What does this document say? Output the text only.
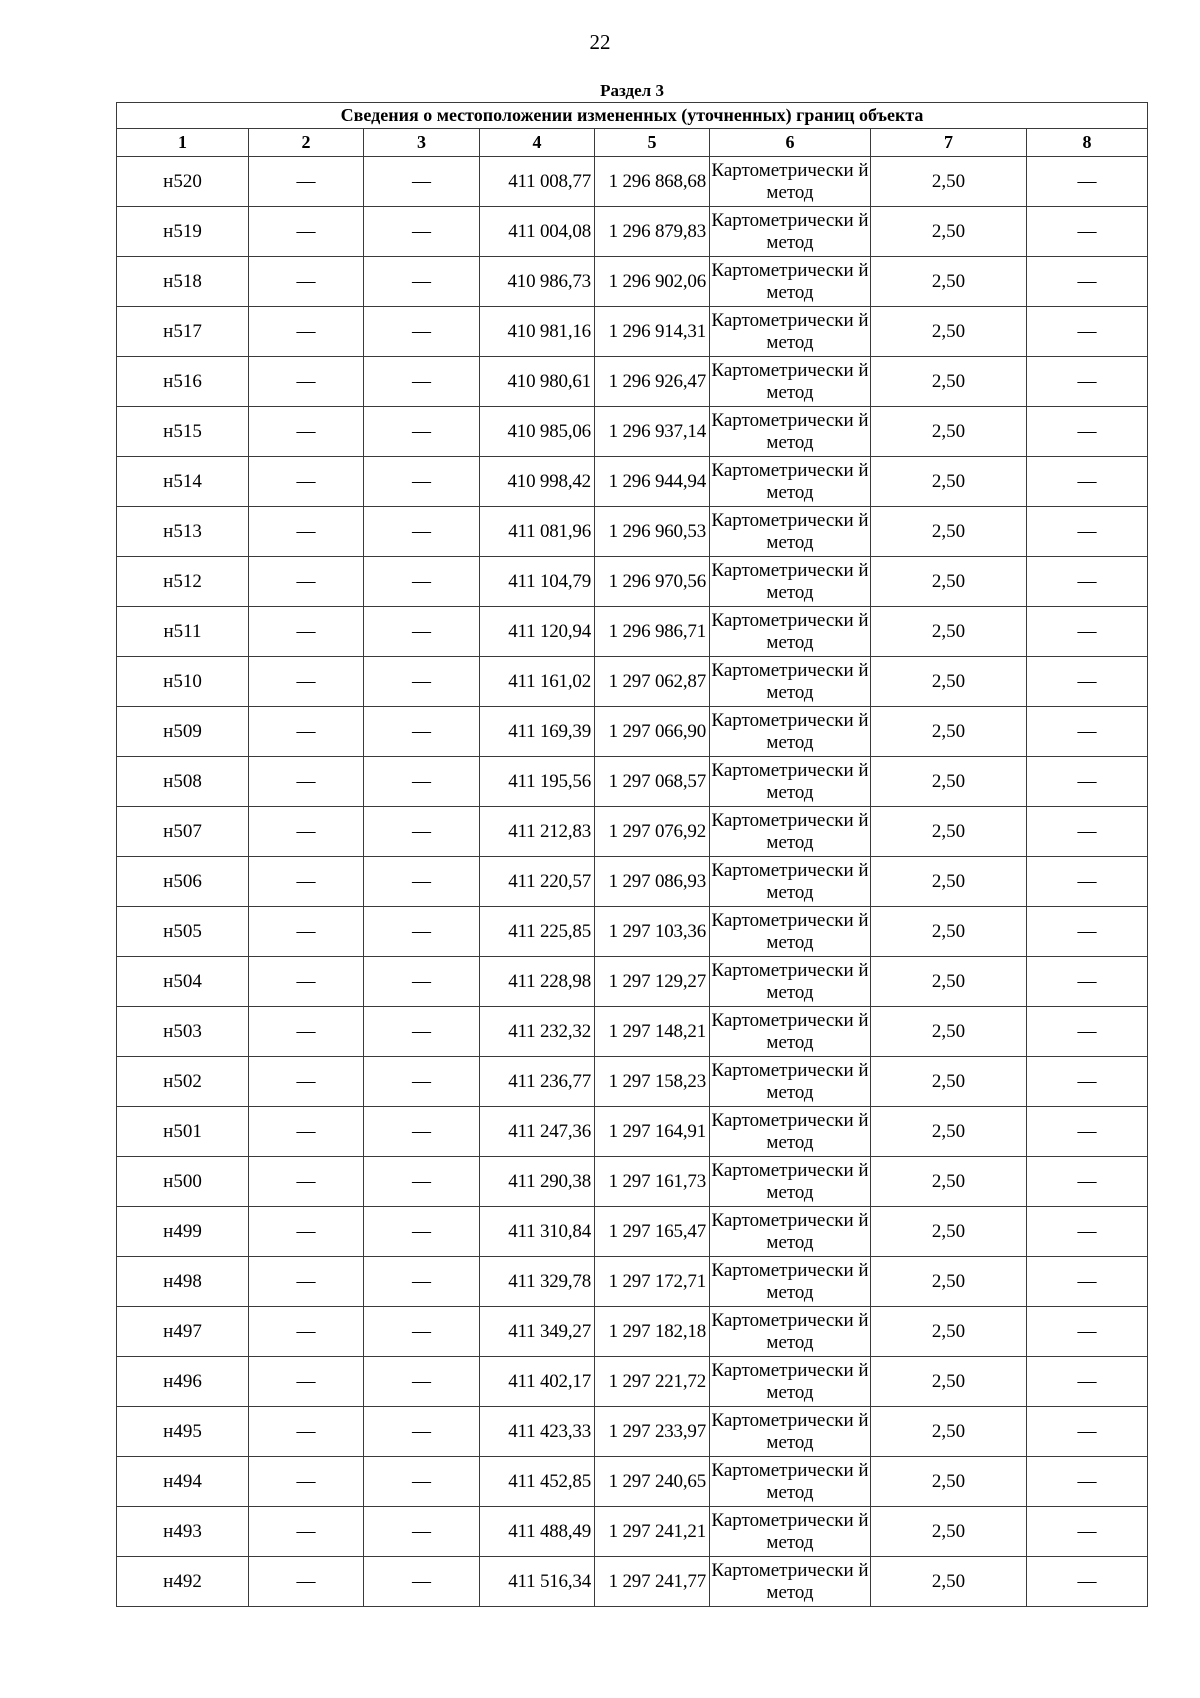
22
Раздел 3							
Сведения о местоположении измененных (уточненных) границ объекта							
1	2	3	4	5	6	7	8
н520	—	—	411 008,77	1 296 868,68	Картометрически й метод	2,50	—
н519	—	—	411 004,08	1 296 879,83	Картометрически й метод	2,50	—
н518	—	—	410 986,73	1 296 902,06	Картометрически й метод	2,50	—
н517	—	—	410 981,16	1 296 914,31	Картометрически й метод	2,50	—
н516	—	—	410 980,61	1 296 926,47	Картометрически й метод	2,50	—
н515	—	—	410 985,06	1 296 937,14	Картометрически й метод	2,50	—
н514	—	—	410 998,42	1 296 944,94	Картометрически й метод	2,50	—
н513	—	—	411 081,96	1 296 960,53	Картометрически й метод	2,50	—
н512	—	—	411 104,79	1 296 970,56	Картометрически й метод	2,50	—
н511	—	—	411 120,94	1 296 986,71	Картометрически й метод	2,50	—
н510	—	—	411 161,02	1 297 062,87	Картометрически й метод	2,50	—
н509	—	—	411 169,39	1 297 066,90	Картометрически й метод	2,50	—
н508	—	—	411 195,56	1 297 068,57	Картометрически й метод	2,50	—
н507	—	—	411 212,83	1 297 076,92	Картометрически й метод	2,50	—
н506	—	—	411 220,57	1 297 086,93	Картометрически й метод	2,50	—
н505	—	—	411 225,85	1 297 103,36	Картометрически й метод	2,50	—
н504	—	—	411 228,98	1 297 129,27	Картометрически й метод	2,50	—
н503	—	—	411 232,32	1 297 148,21	Картометрически й метод	2,50	—
н502	—	—	411 236,77	1 297 158,23	Картометрически й метод	2,50	—
н501	—	—	411 247,36	1 297 164,91	Картометрически й метод	2,50	—
н500	—	—	411 290,38	1 297 161,73	Картометрически й метод	2,50	—
н499	—	—	411 310,84	1 297 165,47	Картометрически й метод	2,50	—
н498	—	—	411 329,78	1 297 172,71	Картометрически й метод	2,50	—
н497	—	—	411 349,27	1 297 182,18	Картометрически й метод	2,50	—
н496	—	—	411 402,17	1 297 221,72	Картометрически й метод	2,50	—
н495	—	—	411 423,33	1 297 233,97	Картометрически й метод	2,50	—
н494	—	—	411 452,85	1 297 240,65	Картометрически й метод	2,50	—
н493	—	—	411 488,49	1 297 241,21	Картометрически й метод	2,50	—
н492	—	—	411 516,34	1 297 241,77	Картометрически й метод	2,50	—
